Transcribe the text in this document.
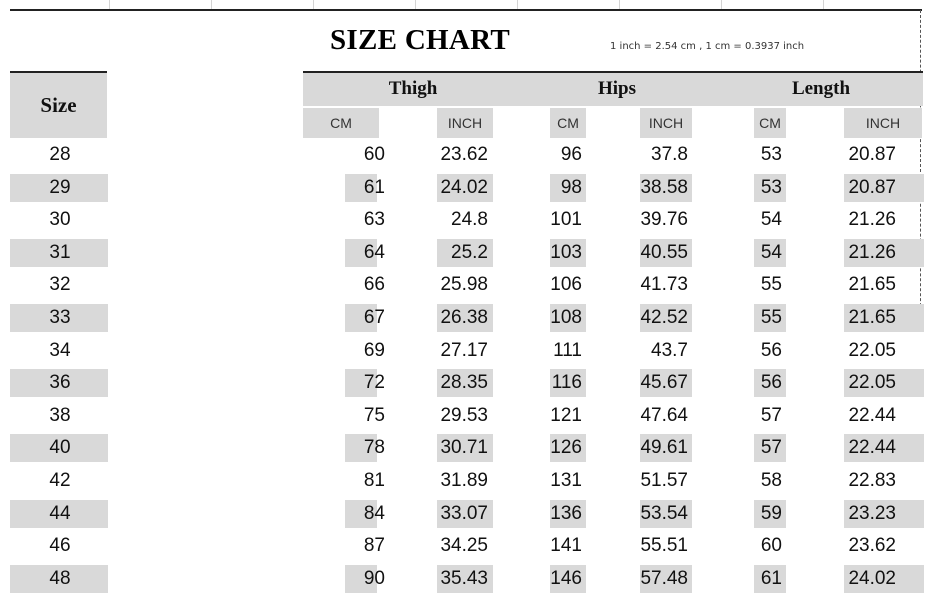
SIZE CHART	1 inch = 2.54 cm , 1 cm = 0.3937 inch
Size
Thigh	Hips	Length
CM	INCH	CM	INCH	CM	INCH
28	60	23.62	96	37.8	53	20.87
29	61	24.02	98	38.58	53	20.87
30	63	24.8	101	39.76	54	21.26
31	64	25.2	103	40.55	54	21.26
32	66	25.98	106	41.73	55	21.65
33	67	26.38	108	42.52	55	21.65
34	69	27.17	111	43.7	56	22.05
36	72	28.35	116	45.67	56	22.05
38	75	29.53	121	47.64	57	22.44
40	78	30.71	126	49.61	57	22.44
42	81	31.89	131	51.57	58	22.83
44	84	33.07	136	53.54	59	23.23
46	87	34.25	141	55.51	60	23.62
48	90	35.43	146	57.48	61	24.02
